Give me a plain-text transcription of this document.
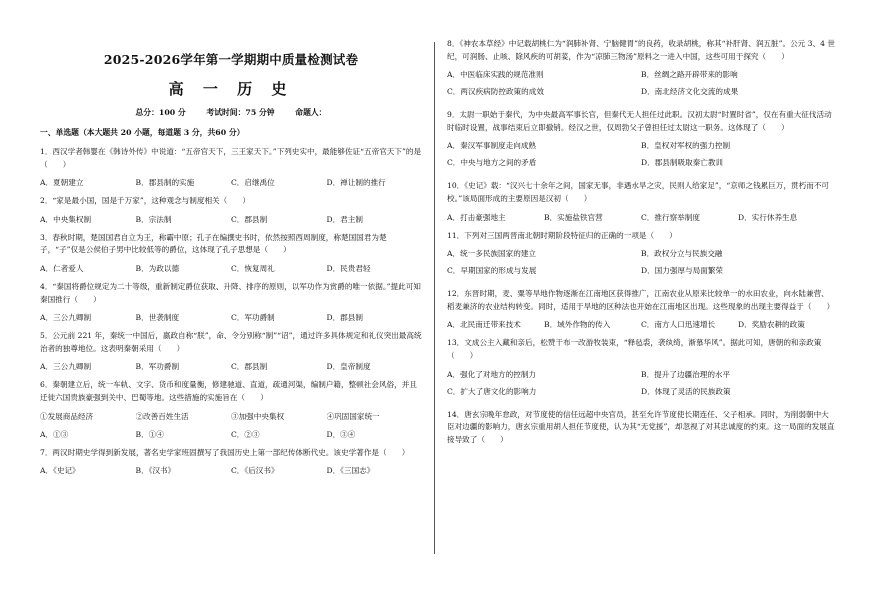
2025-2026学年第一学期期中质量检测试卷
高 一 历 史
总分：100 分	考试时间：75 分钟	命题人：
一、单选题（本大题共 20 小题，每道题 3 分，共60 分）
1．西汉学者韩婴在《韩诗外传》中说道：“五帝官天下，三王家天下。”下列史实中，最能够佐证“五帝官天下”的是（　　）
A．夏朝建立	B．郡县制的实施	C．启继禹位	D．禅让制的推行
2．“家是最小国，国是千万家”，这种观念与制度相关（　　）
A．中央集权制	B．宗法制	C．郡县制	D．君主制
3．春秋时期，楚国国君自立为王，称霸中原；孔子在编撰史书时，依然按照西周制度，称楚国国君为楚子，“子”仅是公侯伯子男中比较低等的爵位，这体现了孔子思想是（　　）
A．仁者爱人	B．为政以德	C．恢复周礼	D．民贵君轻
4．“秦国将爵位规定为二十等级，重新制定爵位获取、升降、排序的原则，以军功作为赏爵的唯一依据。”提此可知秦国推行（　　）
A．三公九卿制	B．世袭制度	C．军功爵制	D．郡县制
5．公元前 221 年，秦统一中国后，嬴政自称“朕”，命、令分别称“制”“诏”，通过许多具体规定和礼仪突出最高统治者的独尊地位。这表明秦朝采用（　　）
A．三公九卿制	B．军功爵制	C．郡县制	D．皇帝制度
6．秦朝建立后，统一车轨、文字、货币和度量衡，修建驰道、直道，疏通河渠，编制户籍，整顿社会风俗，并且迁徙六国贵族豪强到关中、巴蜀等地。这些措施的实施旨在（　　）
①发展商品经济	②改善百姓生活	③加强中央集权	④巩固国家统一
A．①③	B．①④	C．②③	D．③④
7．两汉时期史学得到新发展，著名史学家班固撰写了我国历史上第一部纪传体断代史。该史学著作是（　　）
A．《史记》	B．《汉书》	C．《后汉书》	D．《三国志》
8．《神农本草经》中记载胡桃仁为“润肺补肾、宁脑健胃”的良药，收录胡桃，称其“补肝肾、润五脏”。公元 3、4 世纪，可润肠、止咳、除风疾的可胡荽，作为“凉肺三物汤”原料之一进入中国，这些可用于探究（　　）
A．中医临床实践的规范准则	B．丝绸之路开辟带来的影响
C．两汉疾病防控政策的成效	D．南北经济文化交流的成果
9．太尉一职始于秦代，为中央最高军事长官，但秦代无人担任过此职。汉初太尉“时置时省”，仅在有重大征伐活动时临时设置，战事结束后立即撤销。经汉之世，仅周勃父子曾担任过太尉这一职务。这体现了（　　）
A．秦汉军事制度走向成熟	B．皇权对军权的强力控制
C．中央与地方之间的矛盾	D．郡县制吸取秦亡教训
10．《史记》载：“汉兴七十余年之间，国家无事，非遇水旱之灾，民则人给家足”，“京师之钱累巨万，贯朽而不可校。”该局面形成的主要原因是汉初（　　）
A．打击豪强地主	B．实施盐铁官营	C．推行察举制度	D．实行休养生息
11．下列对三国两晋南北朝时期阶段特征归的正确的一项是（　　）
A．统一多民族国家的建立	B．政权分立与民族交融
C．早期国家的形成与发展	D．国力强厚与局面繁荣
12．东晋时期，麦、粟等旱地作物逐渐在江南地区获得推广，江南农业从原来比较单一的水田农业，向水陆兼营、稻麦兼济的农业结构转变。同时，适用于旱地的区种法也开始在江南地区出现。这些现象的出现主要得益于（　　）
A．北民南迁带来技术	B．域外作物的传入	C．南方人口迅速增长	D．奖励农耕的政策
13．文成公主入藏和亲后，松赞干布一改游牧装束，“释毡裘，袭纨绮，渐慕华风”。据此可知，唐朝的和亲政策（　　）
A．强化了对地方的控制力	B．提升了边疆治理的水平
C．扩大了唐文化的影响力	D．体现了灵活的民族政策
14．唐玄宗晚年怠政，对节度使的信任远超中央官员，甚至允许节度使长期连任、父子相承。同时，为削弱朝中大臣对边疆的影响力，唐玄宗重用胡人担任节度使，认为其“无党援”，却忽视了对其忠诚度的约束。这一局面的发展直接导致了（　　）
